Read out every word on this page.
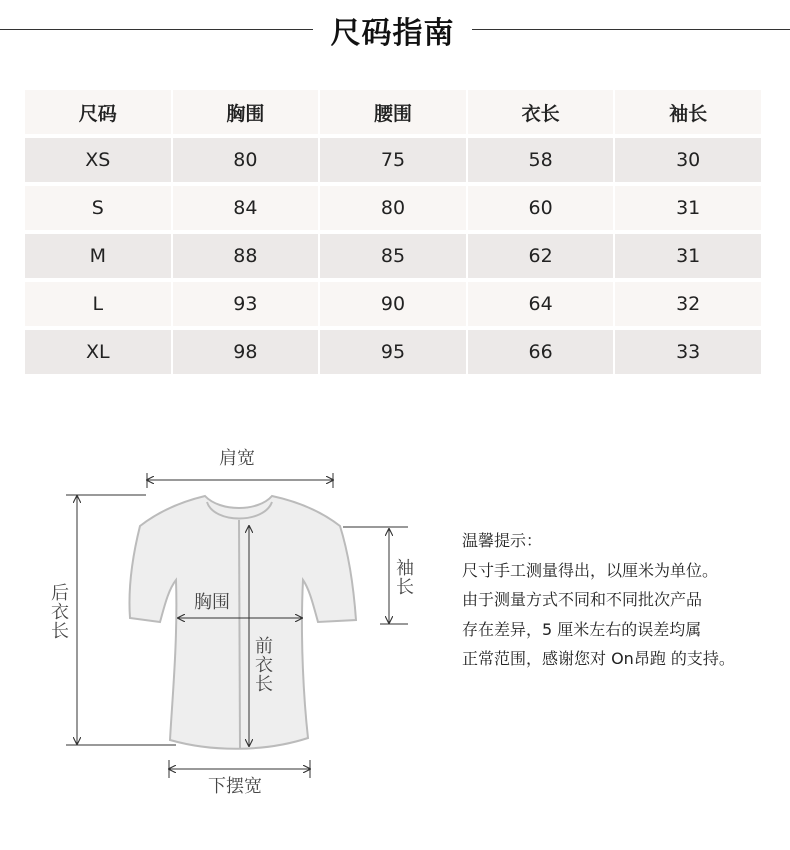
尺码指南
尺码	胸围	腰围	衣长	袖长
XS	80	75	58	30
S	84	80	60	31
M	88	85	62	31
L	93	90	64	32
XL	98	95	66	33
肩宽
后衣长
胸围
前衣长
袖长
下摆宽

温馨提示：

尺寸手工测量得出，以厘米为单位。

由于测量方式不同和不同批次产品

存在差异，5 厘米左右的误差均属

正常范围，感谢您对 On昂跑 的支持。
